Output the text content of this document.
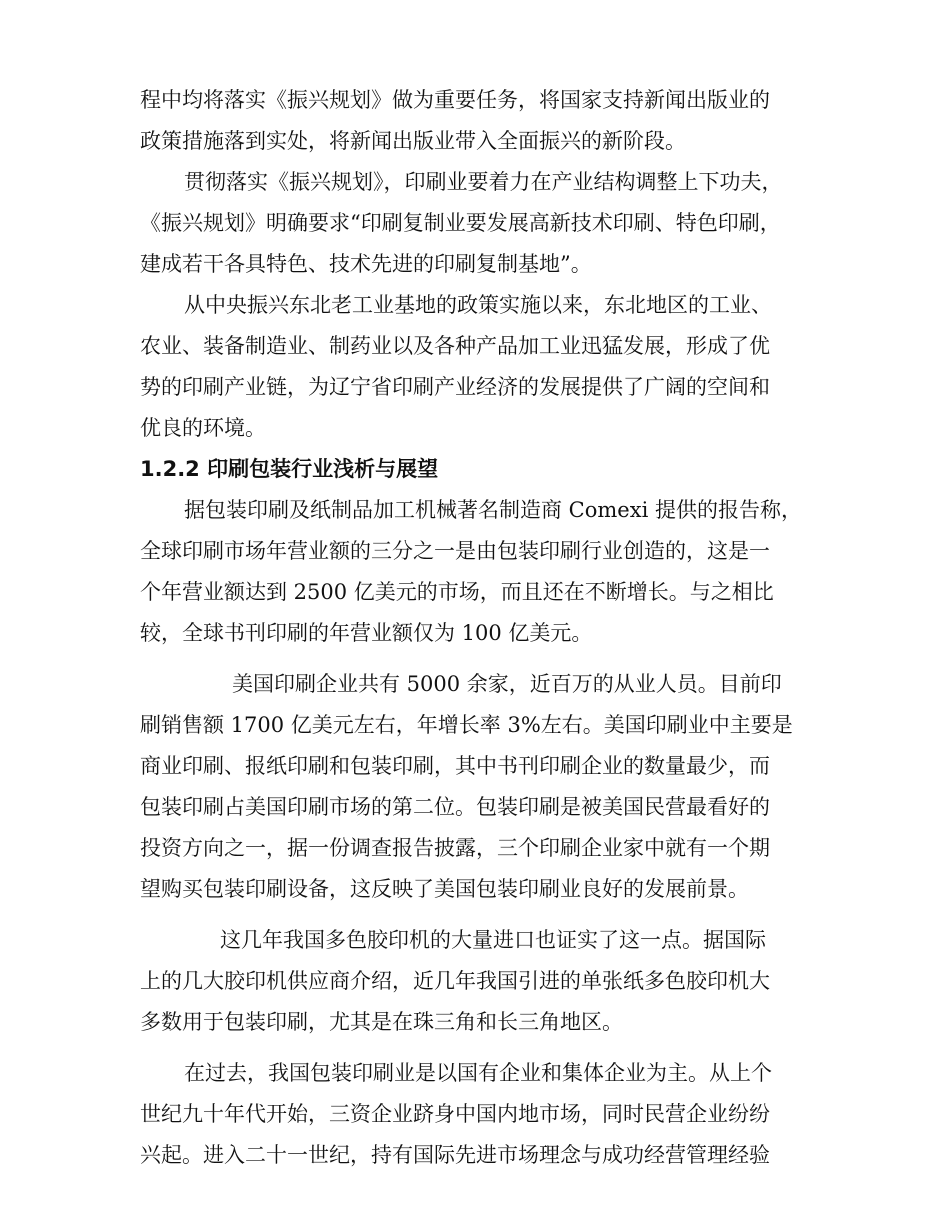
程中均将落实《振兴规划》做为重要任务，将国家支持新闻出版业的
政策措施落到实处，将新闻出版业带入全面振兴的新阶段。
贯彻落实《振兴规划》，印刷业要着力在产业结构调整上下功夫，
《振兴规划》明确要求“印刷复制业要发展高新技术印刷、特色印刷，
建成若干各具特色、技术先进的印刷复制基地”。
从中央振兴东北老工业基地的政策实施以来，东北地区的工业、
农业、装备制造业、制药业以及各种产品加工业迅猛发展，形成了优
势的印刷产业链，为辽宁省印刷产业经济的发展提供了广阔的空间和
优良的环境。
1.2.2 印刷包装行业浅析与展望
据包装印刷及纸制品加工机械著名制造商 Comexi 提供的报告称，
全球印刷市场年营业额的三分之一是由包装印刷行业创造的，这是一
个年营业额达到 2500 亿美元的市场，而且还在不断增长。与之相比
较，全球书刊印刷的年营业额仅为 100 亿美元。
美国印刷企业共有 5000 余家，近百万的从业人员。目前印
刷销售额 1700 亿美元左右，年增长率 3%左右。美国印刷业中主要是
商业印刷、报纸印刷和包装印刷，其中书刊印刷企业的数量最少，而
包装印刷占美国印刷市场的第二位。包装印刷是被美国民营最看好的
投资方向之一，据一份调查报告披露，三个印刷企业家中就有一个期
望购买包装印刷设备，这反映了美国包装印刷业良好的发展前景。
这几年我国多色胶印机的大量进口也证实了这一点。据国际
上的几大胶印机供应商介绍，近几年我国引进的单张纸多色胶印机大
多数用于包装印刷，尤其是在珠三角和长三角地区。
在过去，我国包装印刷业是以国有企业和集体企业为主。从上个
世纪九十年代开始，三资企业跻身中国内地市场，同时民营企业纷纷
兴起。进入二十一世纪，持有国际先进市场理念与成功经营管理经验
